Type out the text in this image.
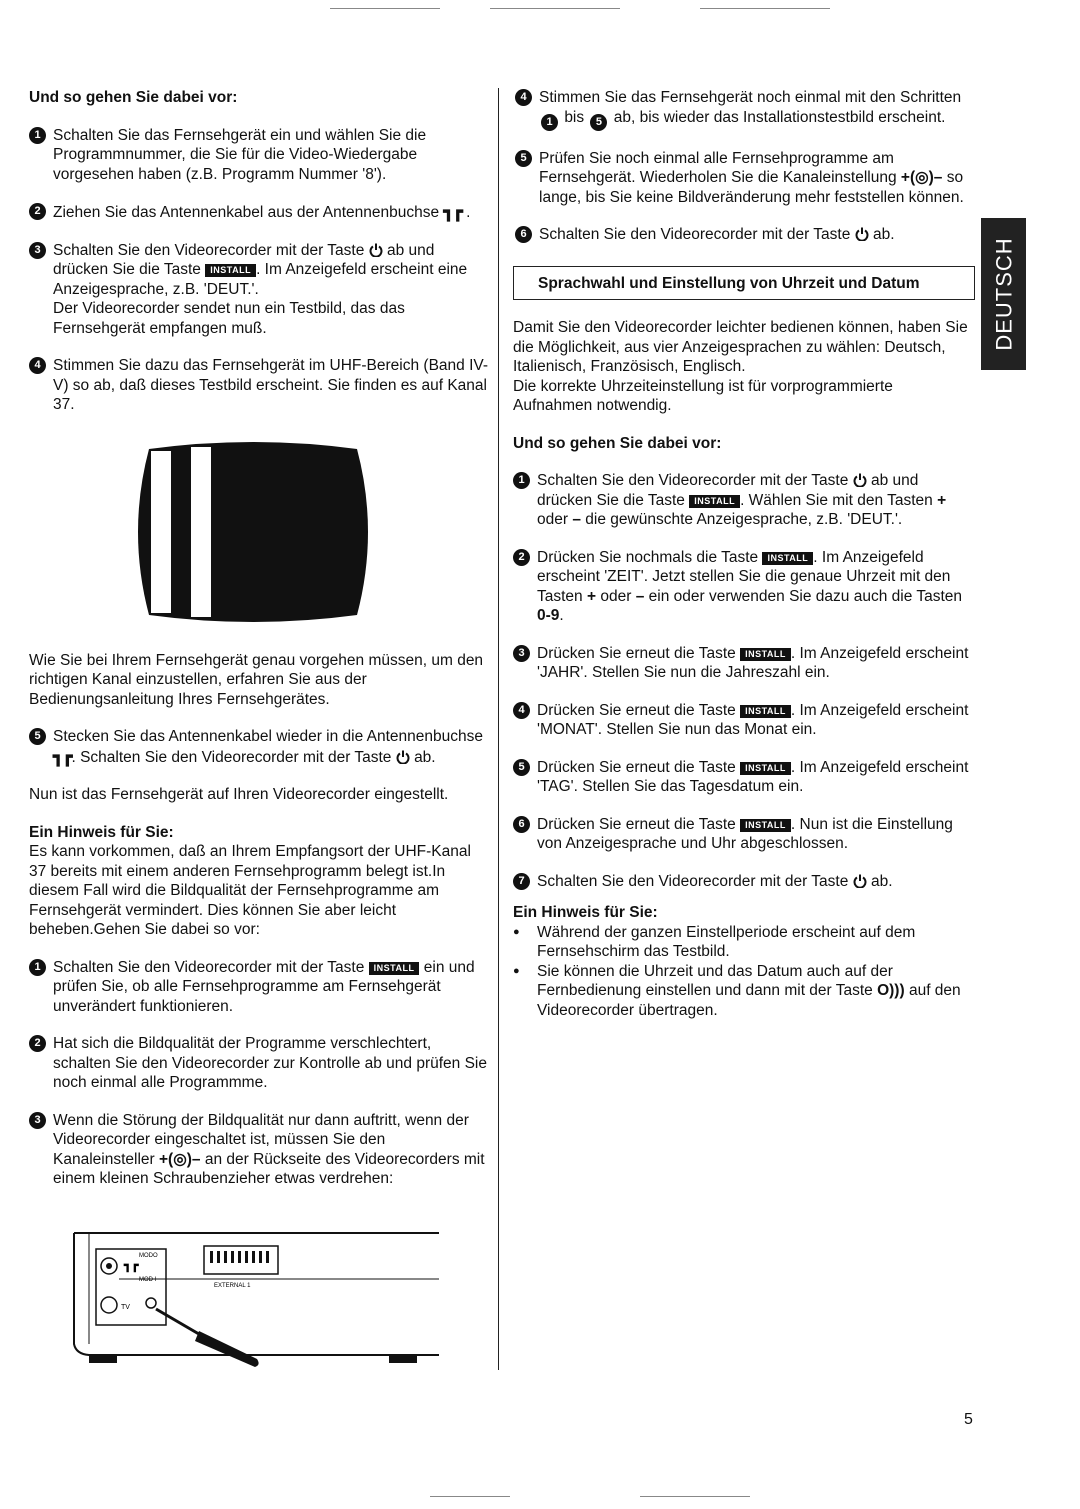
Und so gehen Sie dabei vor:

1 Schalten Sie das Fernsehgerät ein und wählen Sie die Programmnummer, die Sie für die Video-Wiedergabe vorgesehen haben (z.B. Programm Nummer '8').
2 Ziehen Sie das Antennenkabel aus der Antennenbuchse ┓┏ .
3 Schalten Sie den Videorecorder mit der Taste ab und drücken Sie die Taste INSTALL . Im Anzeigefeld erscheint eine Anzeigesprache, z.B. 'DEUT.'.
Der Videorecorder sendet nun ein Testbild, das das Fernsehgerät empfangen muß.
4 Stimmen Sie dazu das Fernsehgerät im UHF-Bereich (Band IV-V) so ab, daß dieses Testbild erscheint. Sie finden es auf Kanal 37.

Wie Sie bei Ihrem Fernsehgerät genau vorgehen müssen, um den richtigen Kanal einzustellen, erfahren Sie aus der Bedienungsanleitung Ihres Fernsehgerätes.

5 Stecken Sie das Antennenkabel wieder in die Antennenbuchse
┓┏. Schalten Sie den Videorecorder mit der Taste ab.

Nun ist das Fernsehgerät auf Ihren Videorecorder eingestellt.

Ein Hinweis für Sie:

Es kann vorkommen, daß an Ihrem Empfangsort der UHF-Kanal 37 bereits mit einem anderen Fernsehprogramm belegt ist.In diesem Fall wird die Bildqualität der Fernsehprogramme am Fernsehgerät vermindert. Dies können Sie aber leicht beheben.Gehen Sie dabei so vor:

1 Schalten Sie den Videorecorder mit der Taste INSTALL ein und prüfen Sie, ob alle Fernsehprogramme am Fernsehgerät unverändert funktionieren.
2 Hat sich die Bildqualität der Programme verschlechtert, schalten Sie den Videorecorder zur Kontrolle ab und prüfen Sie noch einmal alle Programmme.
3 Wenn die Störung der Bildqualität nur dann auftritt, wenn der Videorecorder eingeschaltet ist, müssen Sie den Kanaleinsteller +(◎)– an der Rückseite des Videorecorders mit einem kleinen Schraubenzieher etwas verdrehen:
MODO
┓┏
MOD I
TV
EXTERNAL 1
4 Stimmen Sie das Fernsehgerät noch einmal mit den Schritten 1 bis 5 ab, bis wieder das Installationstestbild erscheint.
5 Prüfen Sie noch einmal alle Fernsehprogramme am Fernsehgerät. Wiederholen Sie die Kanaleinstellung +(◎)– so lange, bis Sie keine Bildveränderung mehr feststellen können.
6 Schalten Sie den Videorecorder mit der Taste ab.
Sprachwahl und Einstellung von Uhrzeit und Datum

Damit Sie den Videorecorder leichter bedienen können, haben Sie die Möglichkeit, aus vier Anzeigesprachen zu wählen: Deutsch, Italienisch, Französisch, Englisch.

Die korrekte Uhrzeiteinstellung ist für vorprogrammierte Aufnahmen notwendig.

Und so gehen Sie dabei vor:

1 Schalten Sie den Videorecorder mit der Taste ab und drücken Sie die Taste INSTALL . Wählen Sie mit den Tasten + oder – die gewünschte Anzeigesprache, z.B. 'DEUT.'.
2 Drücken Sie nochmals die Taste INSTALL . Im Anzeigefeld erscheint 'ZEIT'. Jetzt stellen Sie die genaue Uhrzeit mit den Tasten + oder – ein oder verwenden Sie dazu auch die Tasten 0-9.
3 Drücken Sie erneut die Taste INSTALL . Im Anzeigefeld erscheint 'JAHR'. Stellen Sie nun die Jahreszahl ein.
4 Drücken Sie erneut die Taste INSTALL . Im Anzeigefeld erscheint 'MONAT'. Stellen Sie nun das Monat ein.
5 Drücken Sie erneut die Taste INSTALL . Im Anzeigefeld erscheint 'TAG'. Stellen Sie das Tagesdatum ein.
6 Drücken Sie erneut die Taste INSTALL . Nun ist die Einstellung von Anzeigesprache und Uhr abgeschlossen.
7 Schalten Sie den Videorecorder mit der Taste ab.

Ein Hinweis für Sie:

● Während der ganzen Einstellperiode erscheint auf dem Fernsehschirm das Testbild.
● Sie können die Uhrzeit und das Datum auch auf der Fernbedienung einstellen und dann mit der Taste O))) auf den Videorecorder übertragen.
DEUTSCH
5
